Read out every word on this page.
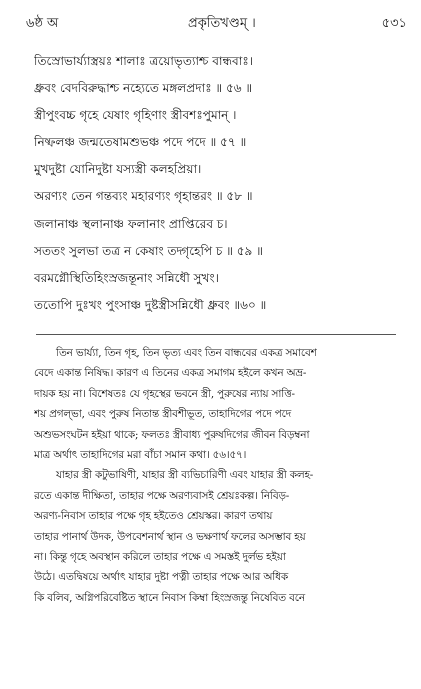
৬ষ্ঠ অ	প্রকৃতিখণ্ডম্ ।	৫৩১
তিস্রোভার্য্যাস্ত্রয়ঃ শালাঃ ত্রয়োভৃত্যাশ্চ বান্ধবাঃ।
ধ্রুবং বেদবিরুদ্ধাশ্চ নহ্যেতে মঙ্গলপ্রদাঃ ॥ ৫৬ ॥
স্ত্রীপুংবচ্চ গৃহে যেষাং গৃহিণাং স্ত্রীবশঃপুমান্ ।
নিষ্ফলঞ্চ জন্মতেষামশুভঞ্চ পদে পদে ॥ ৫৭ ॥
মুখদুষ্টা যোনিদুষ্টা যস্যস্ত্রী কলহপ্রিয়া।
অরণ্যং তেন গন্তব্যং মহারণ্যং গৃহান্তরং ॥ ৫৮ ॥
জলানাঞ্চ স্থলানাঞ্চ ফলানাং প্রাপ্তিরেব চ।
সততং সুলভা তত্র ন কেষাং তদ্গৃহেপি চ ॥ ৫৯ ॥
বরমগ্নৌস্থিতিহিংস্রজন্তূনাং সন্নিধৌ সুখং।
ততোপি দুঃখং পুংসাঞ্চ দুষ্টস্ত্রীসন্নিধৌ ধ্রুবং ॥৬০ ॥
তিন ভার্য্যা, তিন গৃহ, তিন ভৃত্য এবং তিন বান্ধবের একত্র সমাবেশ
বেদে একান্ত নিষিদ্ধ। কারণ এ তিনের একত্র সমাগম হইলে কখন অভ্র-
দায়ক হয় না। বিশেষতঃ যে গৃহস্থের ভবনে স্ত্রী, পুরুষের ন্যায় সাত্তি-
শয় প্রগল্ভা, এবং পুরুষ নিতান্ত স্ত্রীবশীভূত, তাহাদিগের পদে পদে
অশুভসংঘটন হইয়া থাকে; ফলতঃ স্ত্রীবাধ্য পুরুষদিগের জীবন বিড়ম্বনা
মাত্র অর্থাৎ তাহাদিগের মরা বাঁচা সমান কথা। ৫৬।৫৭।
যাহার স্ত্রী কটুভাষিণী, যাহার স্ত্রী ব্যভিচারিণী এবং যাহার স্ত্রী কলহ-
রতে একান্ত দীক্ষিতা, তাহার পক্ষে অরণ্যবাসই শ্রেয়ঃকল্প। নিবিড়-
অরণ্য-নিবাস তাহার পক্ষে গৃহ হইতেও শ্রেয়স্কর। কারণ তথায়
তাহার পানার্থ উদক, উপবেশনার্থ স্থান ও ভক্ষণার্থ ফলের অসম্ভাব হয়
না। কিন্তু গৃহে অবস্থান করিলে তাহার পক্ষে এ সমস্তই দুর্লভ হইয়া
উঠে। এতদ্বিষয়ে অর্থাৎ যাহার দুষ্টা পত্নী তাহার পক্ষে আর অধিক
কি বলিব, অগ্নিপরিবেষ্টিত স্থানে নিবাস কিম্বা হিংস্রজন্তু নিষেবিত বনে
